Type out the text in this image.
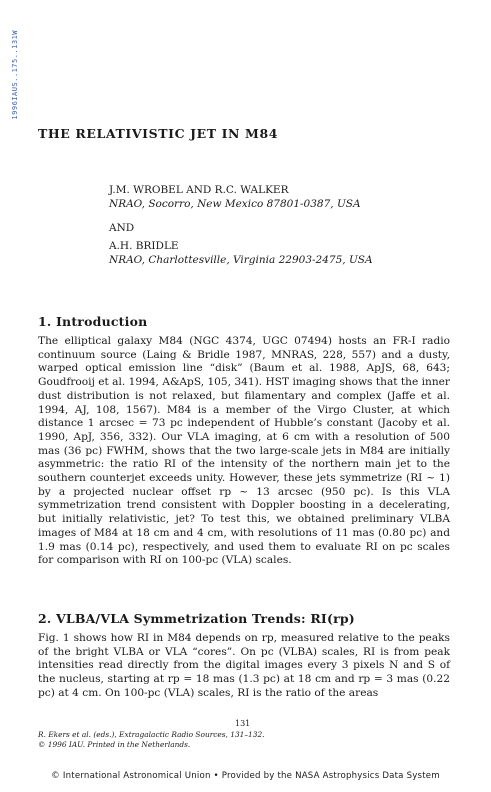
1996IAUS..175..131W
THE RELATIVISTIC JET IN M84
J.M. WROBEL AND R.C. WALKER
NRAO, Socorro, New Mexico 87801-0387, USA
AND
A.H. BRIDLE
NRAO, Charlottesville, Virginia 22903-2475, USA
1. Introduction
The elliptical galaxy M84 (NGC 4374, UGC 07494) hosts an FR-I radio continuum source (Laing & Bridle 1987, MNRAS, 228, 557) and a dusty, warped optical emission line “disk” (Baum et al. 1988, ApJS, 68, 643; Goudfrooij et al. 1994, A&ApS, 105, 341). HST imaging shows that the inner dust distribution is not relaxed, but filamentary and complex (Jaffe et al. 1994, AJ, 108, 1567). M84 is a member of the Virgo Cluster, at which distance 1 arcsec = 73 pc independent of Hubble’s constant (Jacoby et al. 1990, ApJ, 356, 332). Our VLA imaging, at 6 cm with a resolution of 500 mas (36 pc) FWHM, shows that the two large-scale jets in M84 are initially asymmetric: the ratio RI of the intensity of the northern main jet to the southern counterjet exceeds unity. However, these jets symmetrize (RI ~ 1) by a projected nuclear offset rp ~ 13 arcsec (950 pc). Is this VLA symmetrization trend consistent with Doppler boosting in a decelerating, but initially relativistic, jet? To test this, we obtained preliminary VLBA images of M84 at 18 cm and 4 cm, with resolutions of 11 mas (0.80 pc) and 1.9 mas (0.14 pc), respectively, and used them to evaluate RI on pc scales for comparison with RI on 100-pc (VLA) scales.
2. VLBA/VLA Symmetrization Trends: RI(rp)
Fig. 1 shows how RI in M84 depends on rp, measured relative to the peaks of the bright VLBA or VLA “cores”. On pc (VLBA) scales, RI is from peak intensities read directly from the digital images every 3 pixels N and S of the nucleus, starting at rp = 18 mas (1.3 pc) at 18 cm and rp = 3 mas (0.22 pc) at 4 cm. On 100-pc (VLA) scales, RI is the ratio of the areas
131
R. Ekers et al. (eds.), Extragalactic Radio Sources, 131–132.
© 1996 IAU. Printed in the Netherlands.
© International Astronomical Union • Provided by the NASA Astrophysics Data System
